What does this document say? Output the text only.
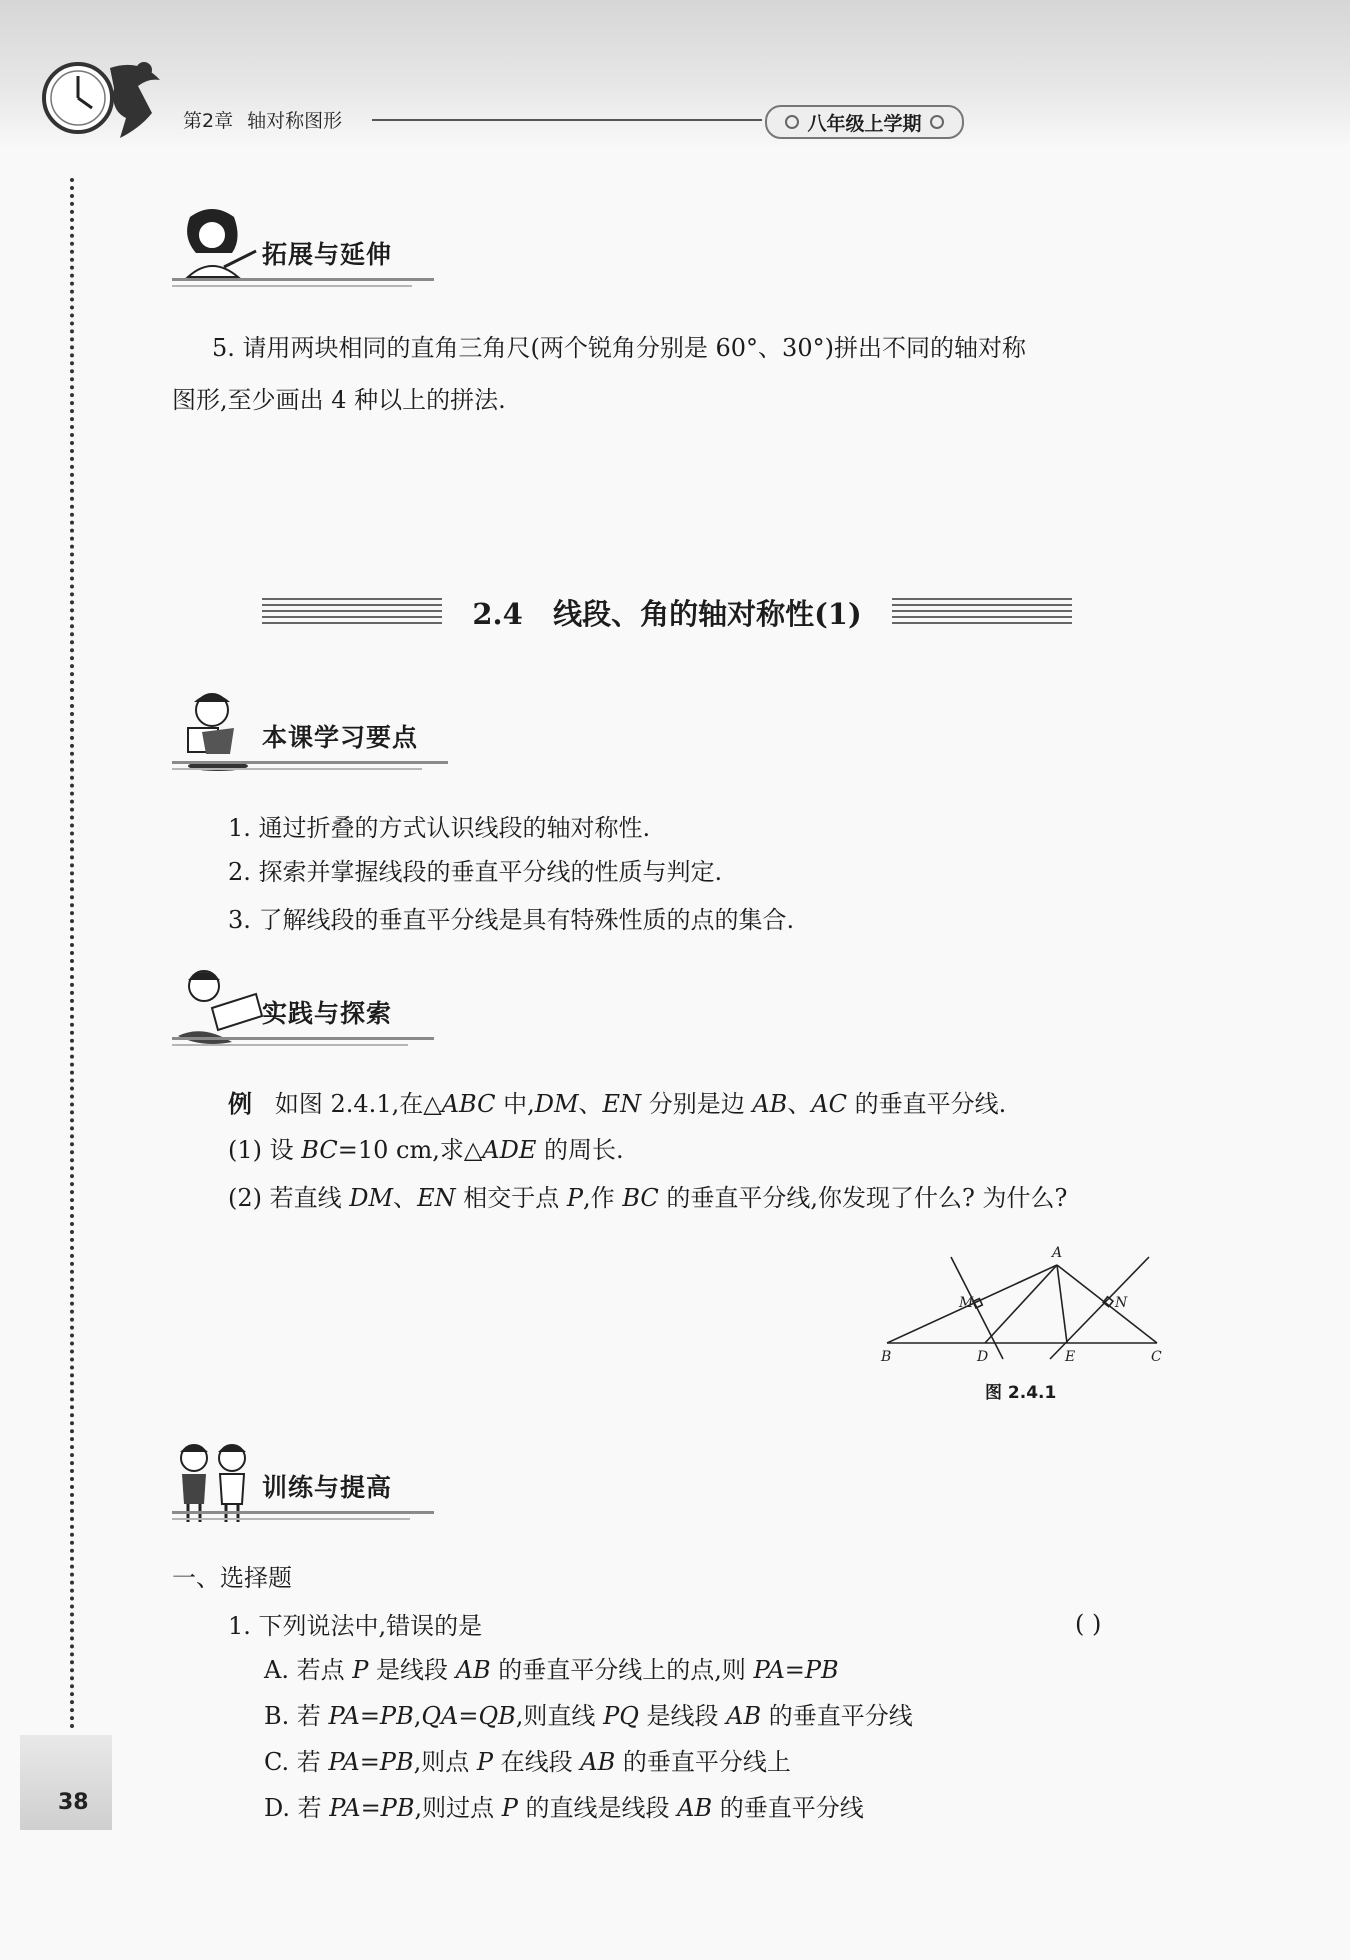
第2章 轴对称图形	八年级上学期
拓展与延伸
5. 请用两块相同的直角三角尺(两个锐角分别是 60°、30°)拼出不同的轴对称
图形,至少画出 4 种以上的拼法.
2.4 线段、角的轴对称性(1)
本课学习要点
1. 通过折叠的方式认识线段的轴对称性.
2. 探索并掌握线段的垂直平分线的性质与判定.
3. 了解线段的垂直平分线是具有特殊性质的点的集合.
实践与探索
例 如图 2.4.1,在△ABC 中,DM、EN 分别是边 AB、AC 的垂直平分线.
(1) 设 BC=10 cm,求△ADE 的周长.
(2) 若直线 DM、EN 相交于点 P,作 BC 的垂直平分线,你发现了什么? 为什么?
A
B	C
D	E
M	N
图 2.4.1
训练与提高
一、选择题
1. 下列说法中,错误的是	( )
A. 若点 P 是线段 AB 的垂直平分线上的点,则 PA=PB
B. 若 PA=PB,QA=QB,则直线 PQ 是线段 AB 的垂直平分线
C. 若 PA=PB,则点 P 在线段 AB 的垂直平分线上
D. 若 PA=PB,则过点 P 的直线是线段 AB 的垂直平分线
38
